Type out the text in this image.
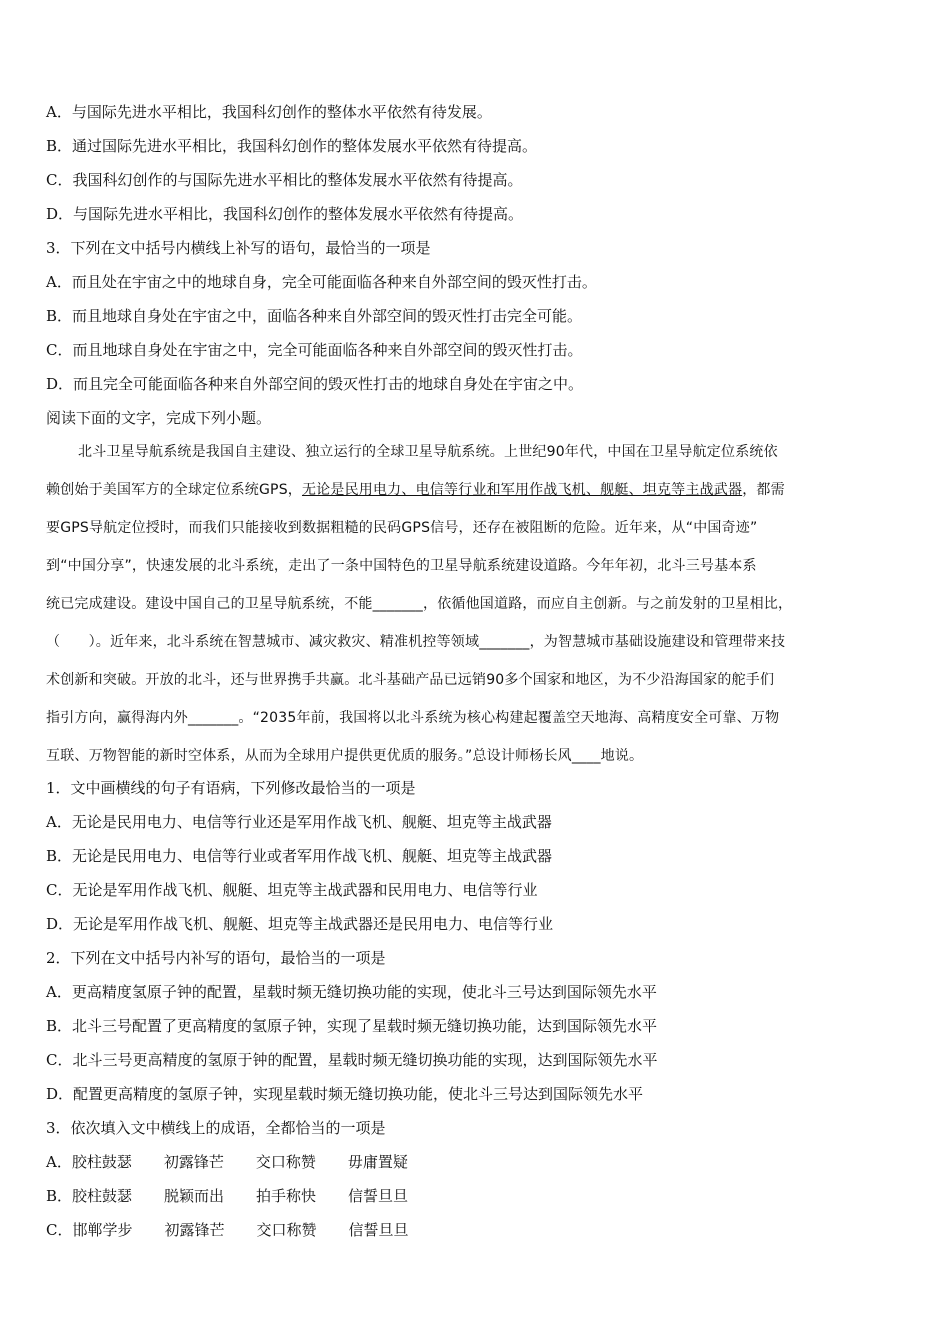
A．与国际先进水平相比，我国科幻创作的整体水平依然有待发展。
B．通过国际先进水平相比，我国科幻创作的整体发展水平依然有待提高。
C．我国科幻创作的与国际先进水平相比的整体发展水平依然有待提高。
D．与国际先进水平相比，我国科幻创作的整体发展水平依然有待提高。
3．下列在文中括号内横线上补写的语句，最恰当的一项是
A．而且处在宇宙之中的地球自身，完全可能面临各种来自外部空间的毁灭性打击。
B．而且地球自身处在宇宙之中，面临各种来自外部空间的毁灭性打击完全可能。
C．而且地球自身处在宇宙之中，完全可能面临各种来自外部空间的毁灭性打击。
D．而且完全可能面临各种来自外部空间的毁灭性打击的地球自身处在宇宙之中。
阅读下面的文字，完成下列小题。
北斗卫星导航系统是我国自主建设、独立运行的全球卫星导航系统。上世纪90年代，中国在卫星导航定位系统依
赖创始于美国军方的全球定位系统GPS，无论是民用电力、电信等行业和军用作战飞机、舰艇、坦克等主战武器，都需
要GPS导航定位授时，而我们只能接收到数据粗糙的民码GPS信号，还存在被阻断的危险。近年来，从“中国奇迹”
到“中国分享”，快速发展的北斗系统，走出了一条中国特色的卫星导航系统建设道路。今年年初，北斗三号基本系
统已完成建设。建设中国自己的卫星导航系统，不能_______，依循他国道路，而应自主创新。与之前发射的卫星相比，
（　　）。近年来，北斗系统在智慧城市、减灾救灾、精准机控等领域_______，为智慧城市基础设施建设和管理带来技
术创新和突破。开放的北斗，还与世界携手共赢。北斗基础产品已远销90多个国家和地区，为不少沿海国家的舵手们
指引方向，赢得海内外_______。“2035年前，我国将以北斗系统为核心构建起覆盖空天地海、高精度安全可靠、万物
互联、万物智能的新时空体系，从而为全球用户提供更优质的服务。”总设计师杨长风____地说。
1．文中画横线的句子有语病，下列修改最恰当的一项是
A．无论是民用电力、电信等行业还是军用作战飞机、舰艇、坦克等主战武器
B．无论是民用电力、电信等行业或者军用作战飞机、舰艇、坦克等主战武器
C．无论是军用作战飞机、舰艇、坦克等主战武器和民用电力、电信等行业
D．无论是军用作战飞机、舰艇、坦克等主战武器还是民用电力、电信等行业
2．下列在文中括号内补写的语句，最恰当的一项是
A．更高精度氢原子钟的配置，星载时频无缝切换功能的实现，使北斗三号达到国际领先水平
B．北斗三号配置了更高精度的氢原子钟，实现了星载时频无缝切换功能，达到国际领先水平
C．北斗三号更高精度的氢原于钟的配置，星载时频无缝切换功能的实现，达到国际领先水平
D．配置更高精度的氢原子钟，实现星载时频无缝切换功能，使北斗三号达到国际领先水平
3．依次填入文中横线上的成语，全都恰当的一项是
A．胶柱鼓瑟 初露锋芒 交口称赞 毋庸置疑
B．胶柱鼓瑟 脱颖而出 拍手称快 信誓旦旦
C．邯郸学步 初露锋芒 交口称赞 信誓旦旦
